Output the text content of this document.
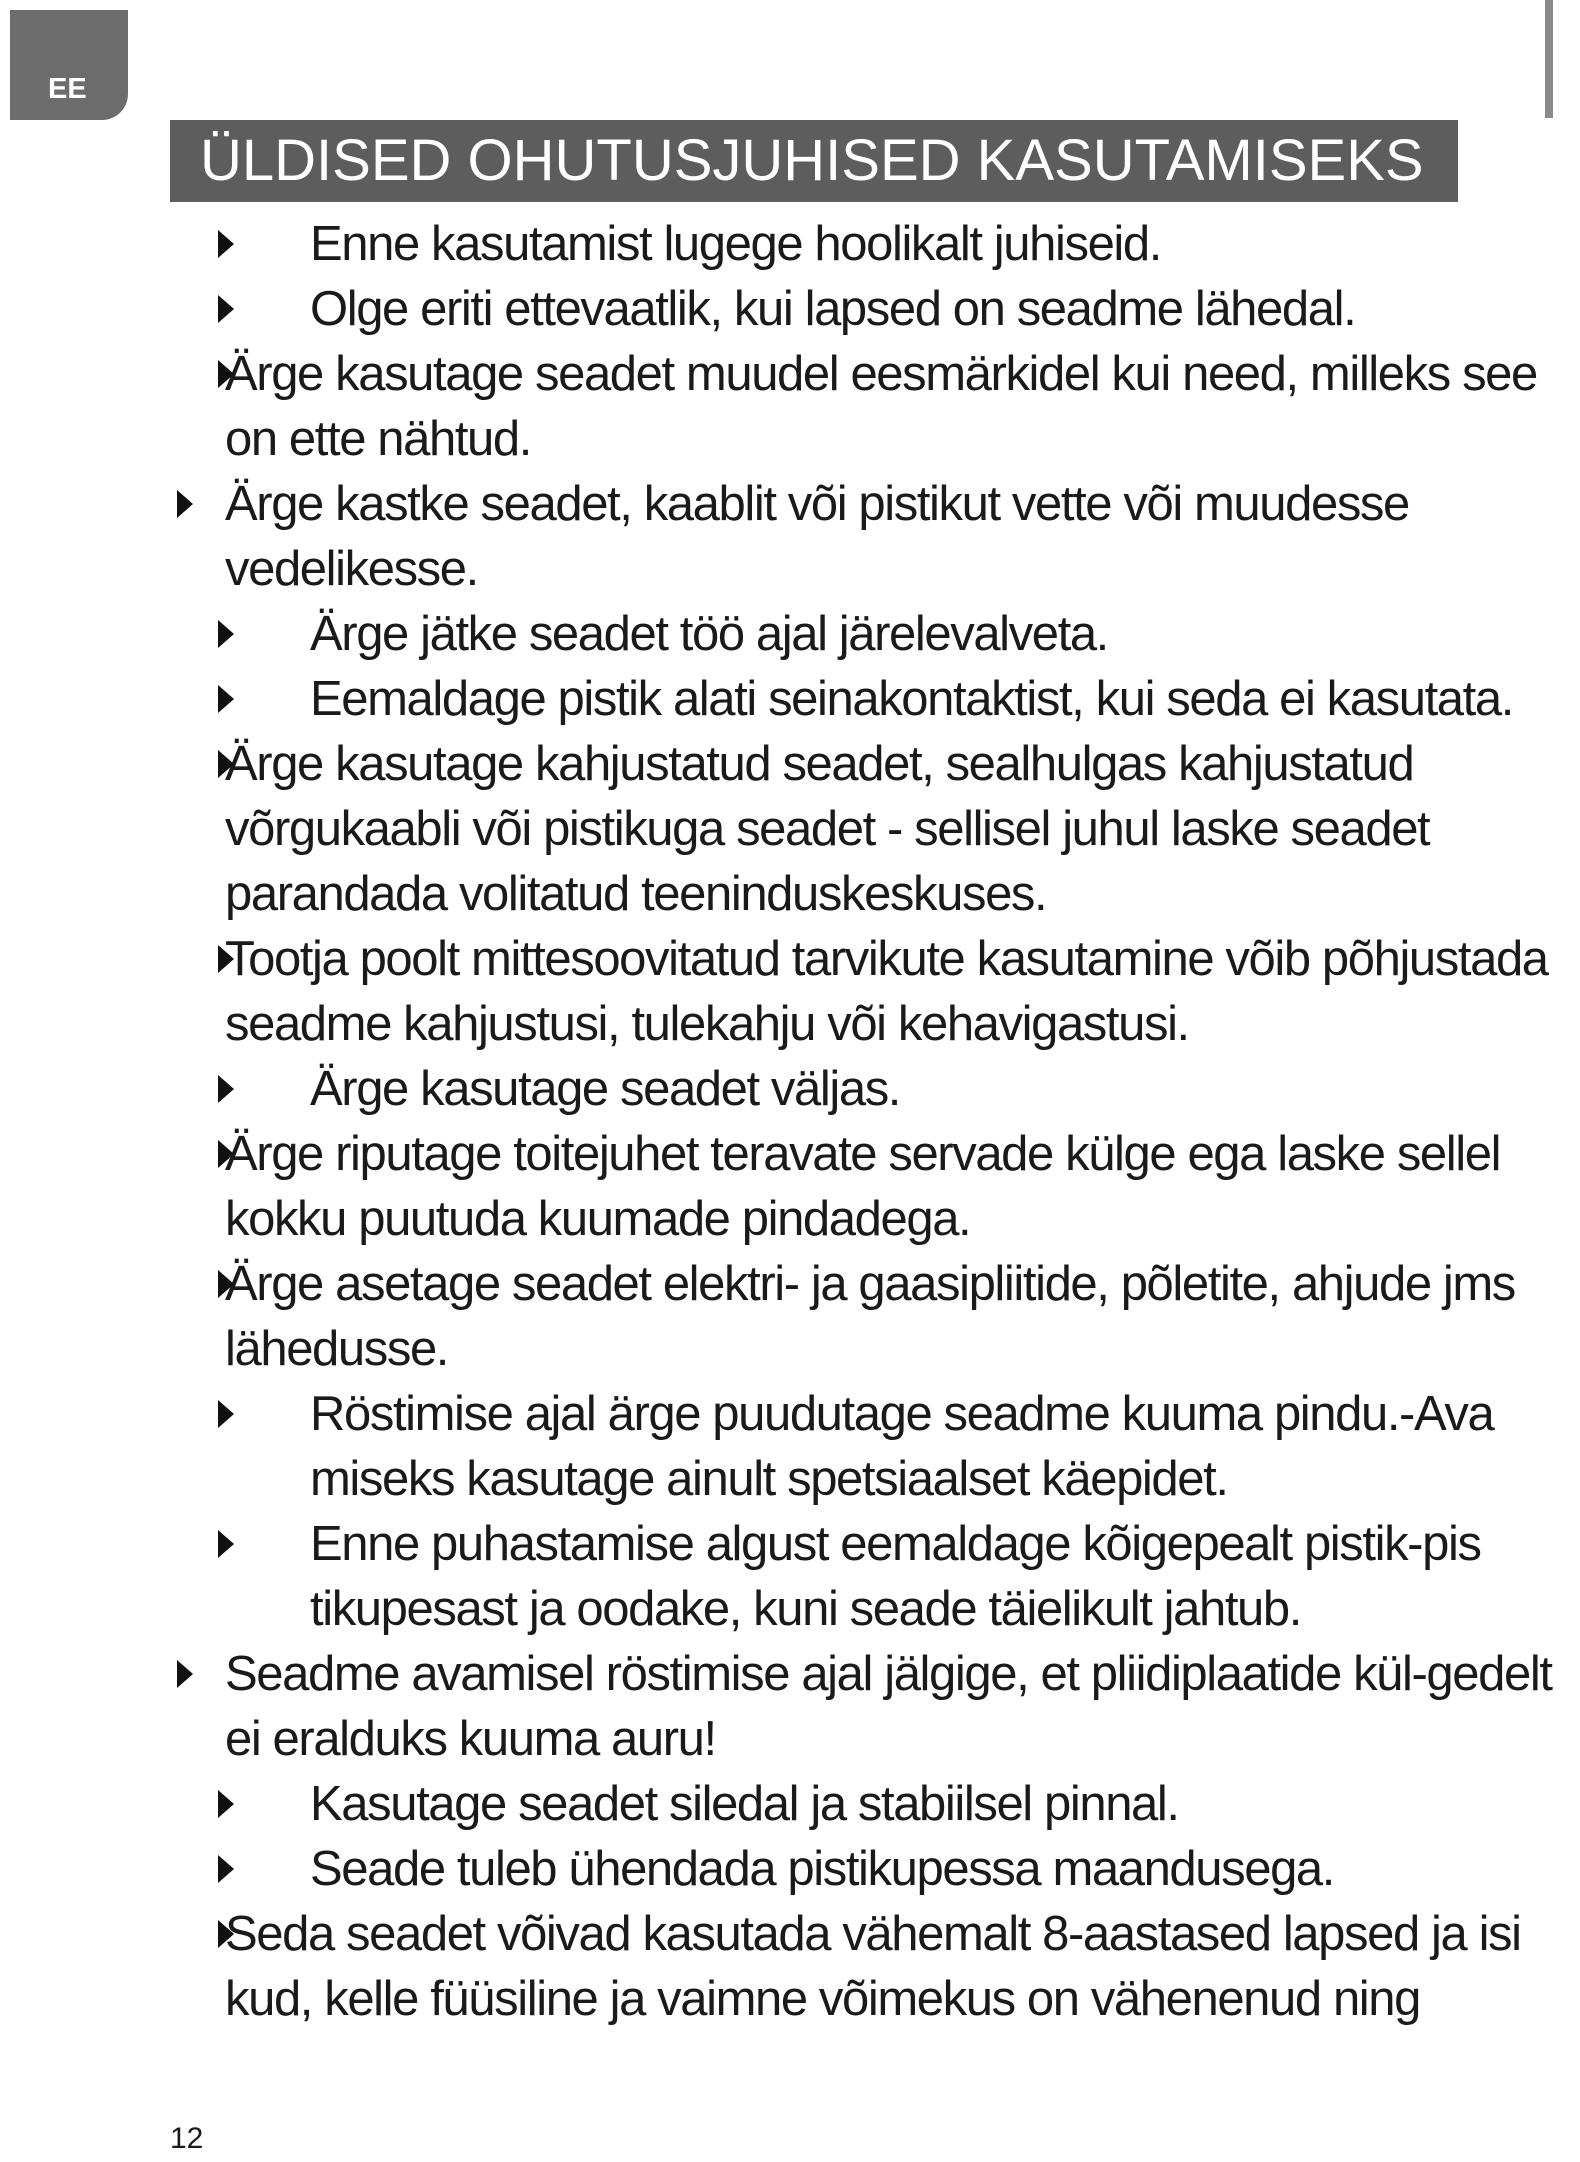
EE
ÜLDISED OHUTUSJUHISED KASUTAMISEKS
Enne kasutamist lugege hoolikalt juhiseid.
Olge eriti ettevaatlik, kui lapsed on seadme lähedal.
Ärge kasutage seadet muudel eesmärkidel kui need, milleks see on ette nähtud.
Ärge kastke seadet, kaablit või pistikut vette või muudesse vedelikesse.
Ärge jätke seadet töö ajal järelevalveta.
Eemaldage pistik alati seinakontaktist, kui seda ei kasutata.
Ärge kasutage kahjustatud seadet, sealhulgas kahjustatud võrgukaabli või pistikuga seadet - sellisel juhul laske seadet parandada volitatud teeninduskeskuses.
Tootja poolt mittesoovitatud tarvikute kasutamine võib põhjustada seadme kahjustusi, tulekahju või kehavigastusi.
Ärge kasutage seadet väljas.
Ärge riputage toitejuhet teravate servade külge ega laske sellel kokku puutuda kuumade pindadega.
Ärge asetage seadet elektri- ja gaasipliitide, põletite, ahjude jms lähedusse.
Röstimise ajal ärge puudutage seadme kuuma pindu.-Ava miseks kasutage ainult spetsiaalset käepidet.
Enne puhastamise algust eemaldage kõigepealt pistik-pis tikupesast ja oodake, kuni seade täielikult jahtub.
Seadme avamisel röstimise ajal jälgige, et pliidiplaatide kül-gedelt ei eralduks kuuma auru!
Kasutage seadet siledal ja stabiilsel pinnal.
Seade tuleb ühendada pistikupessa maandusega.
Seda seadet võivad kasutada vähemalt 8-aastased lapsed ja isi kud, kelle füüsiline ja vaimne võimekus on vähenenud ning
12
